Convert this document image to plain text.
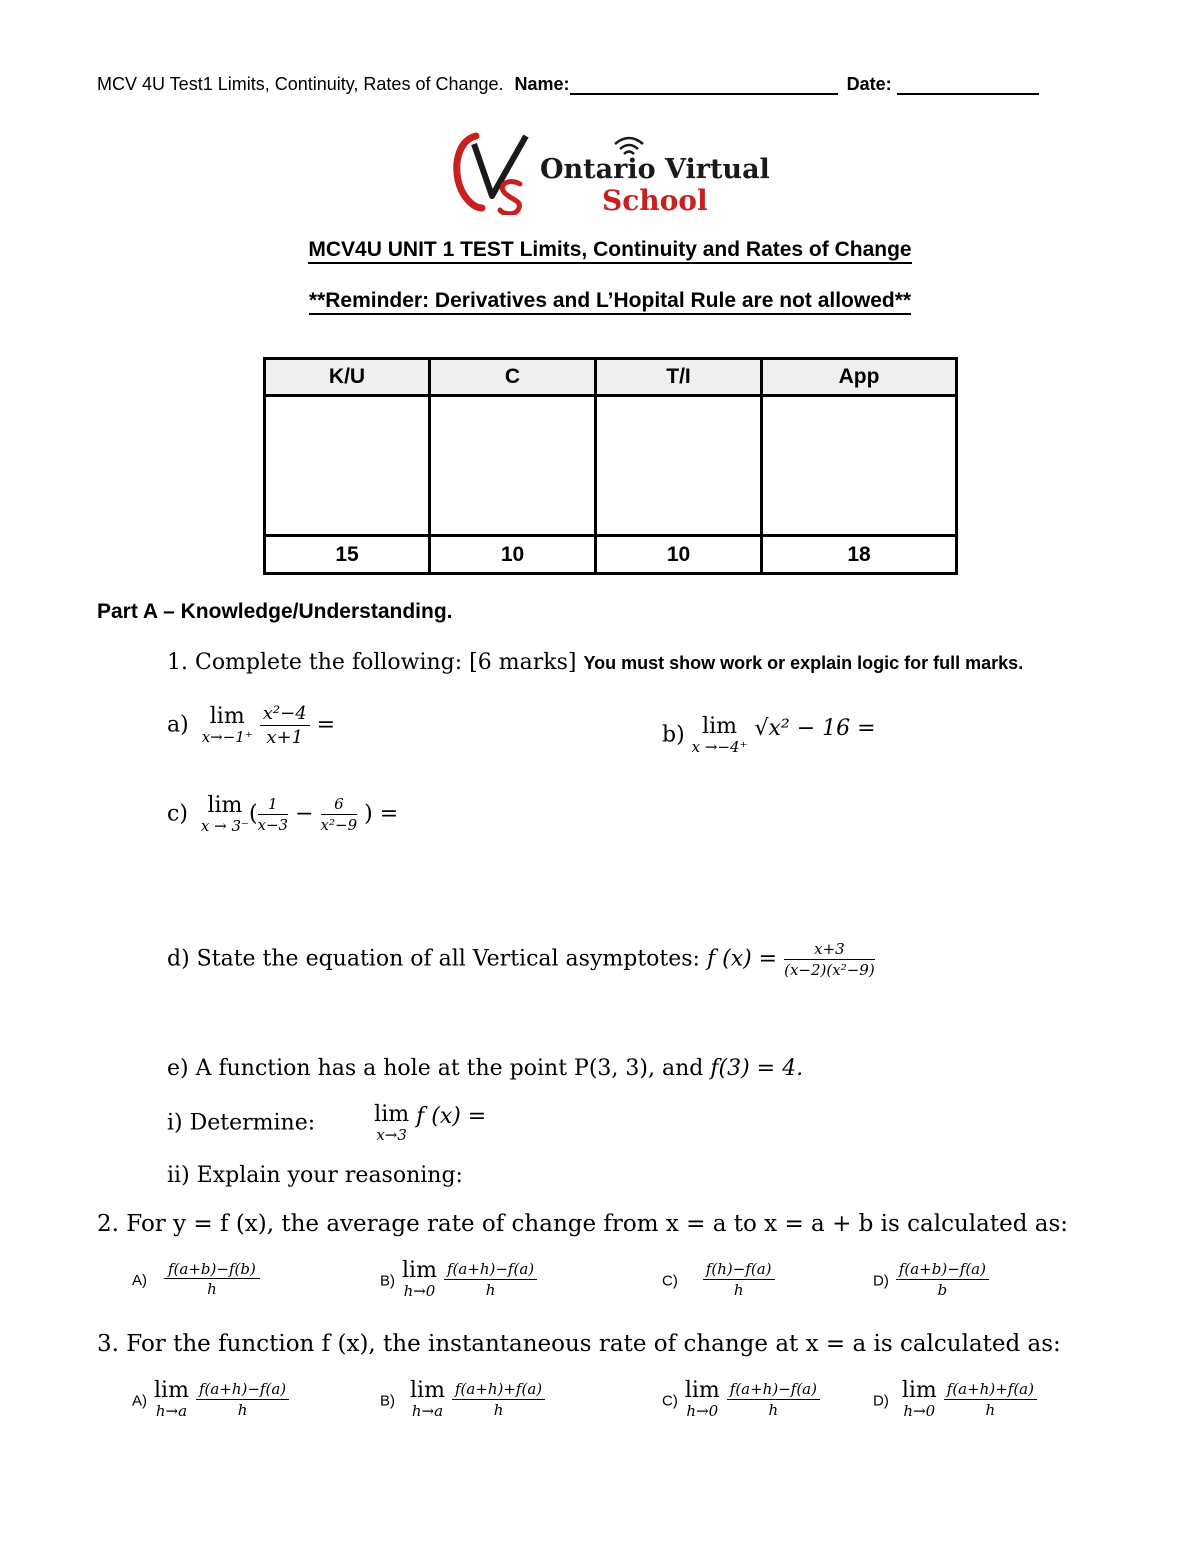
MCV 4U Test1 Limits, Continuity, Rates of Change. Name:	Date:
Ontario Virtual
School
MCV4U UNIT 1 TEST Limits, Continuity and Rates of Change
**Reminder: Derivatives and L’Hopital Rule are not allowed**
K/U	C	T/I	App

15	10	10	18
Part A – Knowledge/Understanding.
1. Complete the following: [6 marks] You must show work or explain logic for full marks.
a) lim
x→−1⁺
$\frac{\text{x²−4}}{x+1}$ =	b) lim
x →−4⁺
√x² − 16 =
c) lim
x → 3⁻ ( $\frac{1}{x-3} - \frac{6}{\text{x²−9}}$ ) =
d) State the equation of all Vertical asymptotes: f $(x) = \frac{x+3}{\text{(x−2)(x²−9)}}$
e) A function has a hole at the point P(3, 3), and f(3) = 4.
i) Determine:	lim
x→3
f (x) =
ii) Explain your reasoning:
2. For y = f (x), the average rate of change from x = a to x = a + b is calculated as:
$A) \frac{f(a+b)-f(b)}{h}$	B) lim
h→0
$\frac{f(a+h)-f(a)}{h}$	$C) \frac{f(h)-f(a)}{h}$	$D) \frac{f(a+b)-f(a)}{b}$
3. For the function f (x), the instantaneous rate of change at x = a is calculated as:
A) lim
h→a
$\frac{f(a+h)-f(a)}{h}$	B) lim
h→a
$\frac{f(a+h)+f(a)}{h}$	C) lim
h→0
$\frac{f(a+h)-f(a)}{h}$	D) lim
h→0
$\frac{f(a+h)+f(a)}{h}$
